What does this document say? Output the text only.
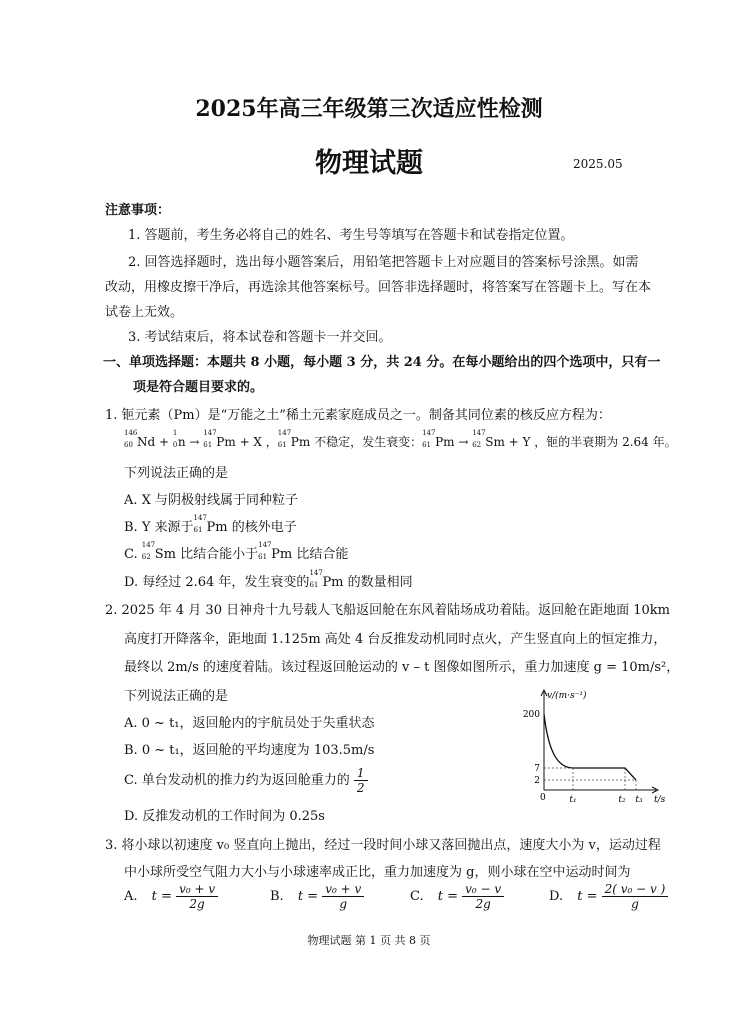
2025年高三年级第三次适应性检测
物理试题	2025.05
注意事项：
1. 答题前，考生务必将自己的姓名、考生号等填写在答题卡和试卷指定位置。
2. 回答选择题时，选出每小题答案后，用铅笔把答题卡上对应题目的答案标号涂黑。如需
改动，用橡皮擦干净后，再选涂其他答案标号。回答非选择题时，将答案写在答题卡上。写在本
试卷上无效。
3. 考试结束后，将本试卷和答题卡一并交回。
一、单项选择题：本题共 8 小题，每小题 3 分，共 24 分。在每小题给出的四个选项中，只有一
项是符合题目要求的。
1. 钷元素（Pm）是“万能之土”稀土元素家庭成员之一。制备其同位素的核反应方程为：
146
60 Nd +
1
0 n →
147
61 Pm + X ，
147
61 Pm 不稳定，发生衰变：
147
61 Pm →
147
62 Sm + Y ，钷的半衰期为 2.64 年。
下列说法正确的是
A. X 与阴极射线属于同种粒子
B. Y 来源于
147
61 Pm 的核外电子
C.
147
62 Sm 比结合能小于
147
61 Pm 比结合能
D. 每经过 2.64 年，发生衰变的
147
61 Pm 的数量相同
2. 2025 年 4 月 30 日神舟十九号载人飞船返回舱在东风着陆场成功着陆。返回舱在距地面 10km
高度打开降落伞，距地面 1.125m 高处 4 台反推发动机同时点火，产生竖直向上的恒定推力，
最终以 2m/s 的速度着陆。该过程返回舱运动的 v – t 图像如图所示，重力加速度 g = 10m/s²，
下列说法正确的是
A. 0 ~ t₁，返回舱内的宇航员处于失重状态
B. 0 ~ t₁，返回舱的平均速度为 103.5m/s
C. 单台发动机的推力约为返回舱重力的 $\frac{1}{2}$
D. 反推发动机的工作时间为 0.25s
v/(m·s⁻¹)
t/s
0
200
7
2
t₁	t₂ t₃
3. 将小球以初速度 v₀ 竖直向上抛出，经过一段时间小球又落回抛出点，速度大小为 v，运动过程
中小球所受空气阻力大小与小球速率成正比，重力加速度为 g，则小球在空中运动时间为
A. $t = \frac{\text{v₀ + v}}{2g}$	B. $t = \frac{\text{v₀ + v}}{g}$	C. $t = \frac{\text{v₀ − v}}{2g}$	D. $t = \frac{\text{2( v₀ − v )}}{g}$
物理试题 第 1 页 共 8 页
